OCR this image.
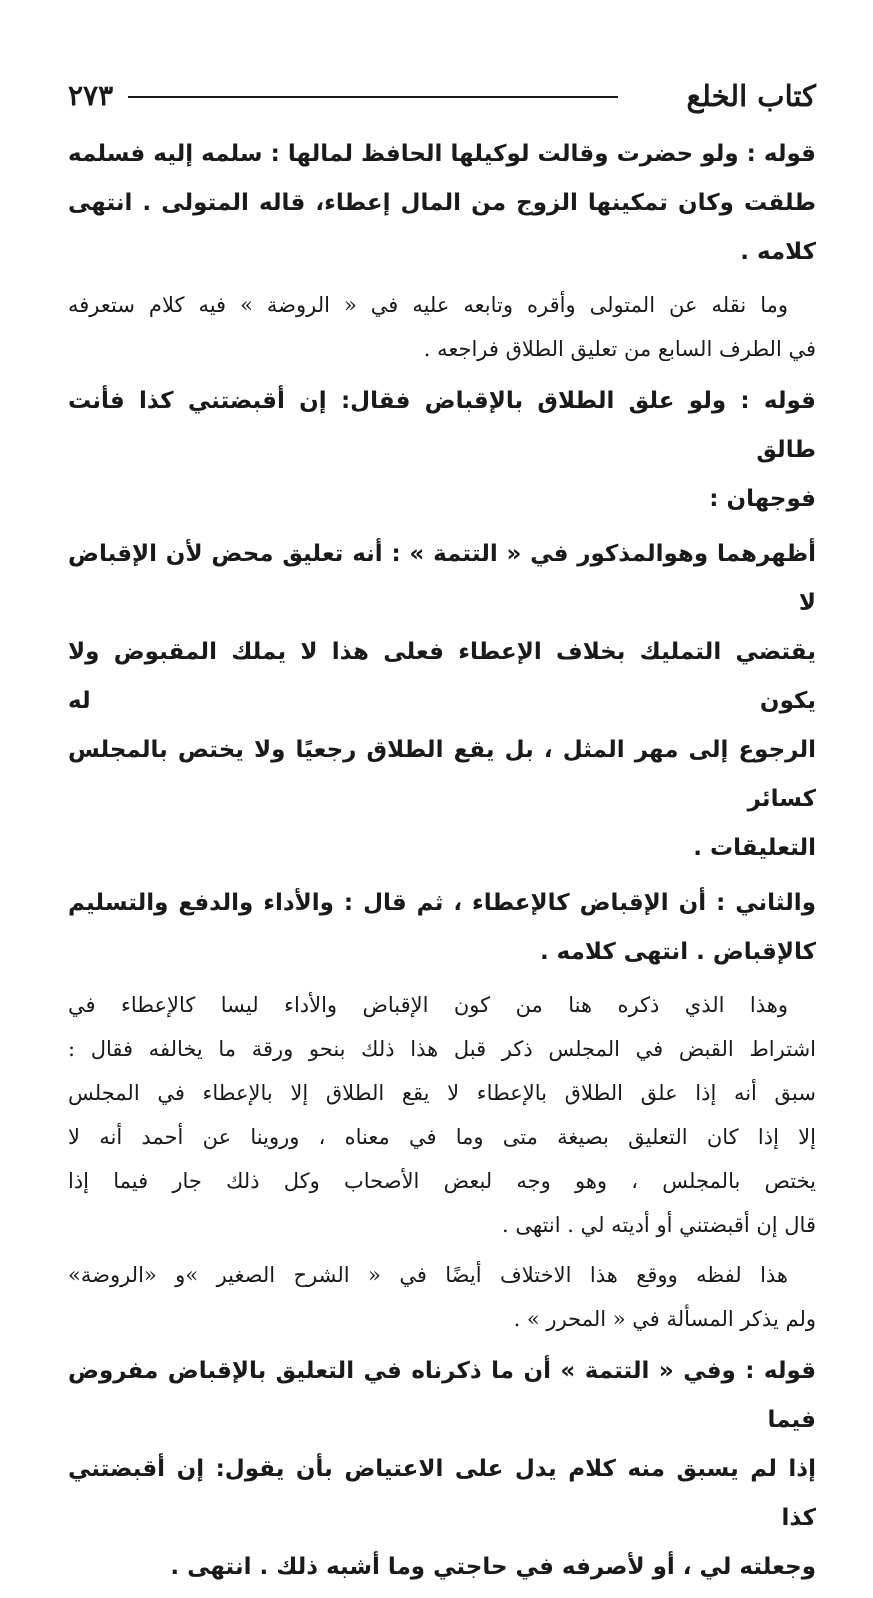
كتاب الخلع
٢٧٣
قوله : ولو حضرت وقالت لوكيلها الحافظ لمالها : سلمه إليه فسلمه
طلقت وكان تمكينها الزوج من المال إعطاء، قاله المتولى . انتهى كلامه .
وما نقله عن المتولى وأقره وتابعه عليه في « الروضة » فيه كلام ستعرفه
في الطرف السابع من تعليق الطلاق فراجعه .
قوله : ولو علق الطلاق بالإقباض فقال: إن أقبضتني كذا فأنت طالق
فوجهان :
أظهرهما وهوالمذكور في « التتمة » : أنه تعليق محض لأن الإقباض لا
يقتضي التمليك بخلاف الإعطاء فعلى هذا لا يملك المقبوض ولا يكون له
الرجوع إلى مهر المثل ، بل يقع الطلاق رجعيًا ولا يختص بالمجلس كسائر
التعليقات .
والثاني : أن الإقباض كالإعطاء ، ثم قال : والأداء والدفع والتسليم
كالإقباض . انتهى كلامه .
وهذا الذي ذكره هنا من كون الإقباض والأداء ليسا كالإعطاء في
اشتراط القبض في المجلس ذكر قبل هذا ذلك بنحو ورقة ما يخالفه فقال :
سبق أنه إذا علق الطلاق بالإعطاء لا يقع الطلاق إلا بالإعطاء في المجلس
إلا إذا كان التعليق بصيغة متى وما في معناه ، وروينا عن أحمد أنه لا
يختص بالمجلس ، وهو وجه لبعض الأصحاب وكل ذلك جار فيما إذا
قال إن أقبضتني أو أديته لي . انتهى .
هذا لفظه ووقع هذا الاختلاف أيضًا في « الشرح الصغير »و «الروضة»
ولم يذكر المسألة في « المحرر » .
قوله : وفي « التتمة » أن ما ذكرناه في التعليق بالإقباض مفروض فيما
إذا لم يسبق منه كلام يدل على الاعتياض بأن يقول: إن أقبضتني كذا
وجعلته لي ، أو لأصرفه في حاجتي وما أشبه ذلك . انتهى .
